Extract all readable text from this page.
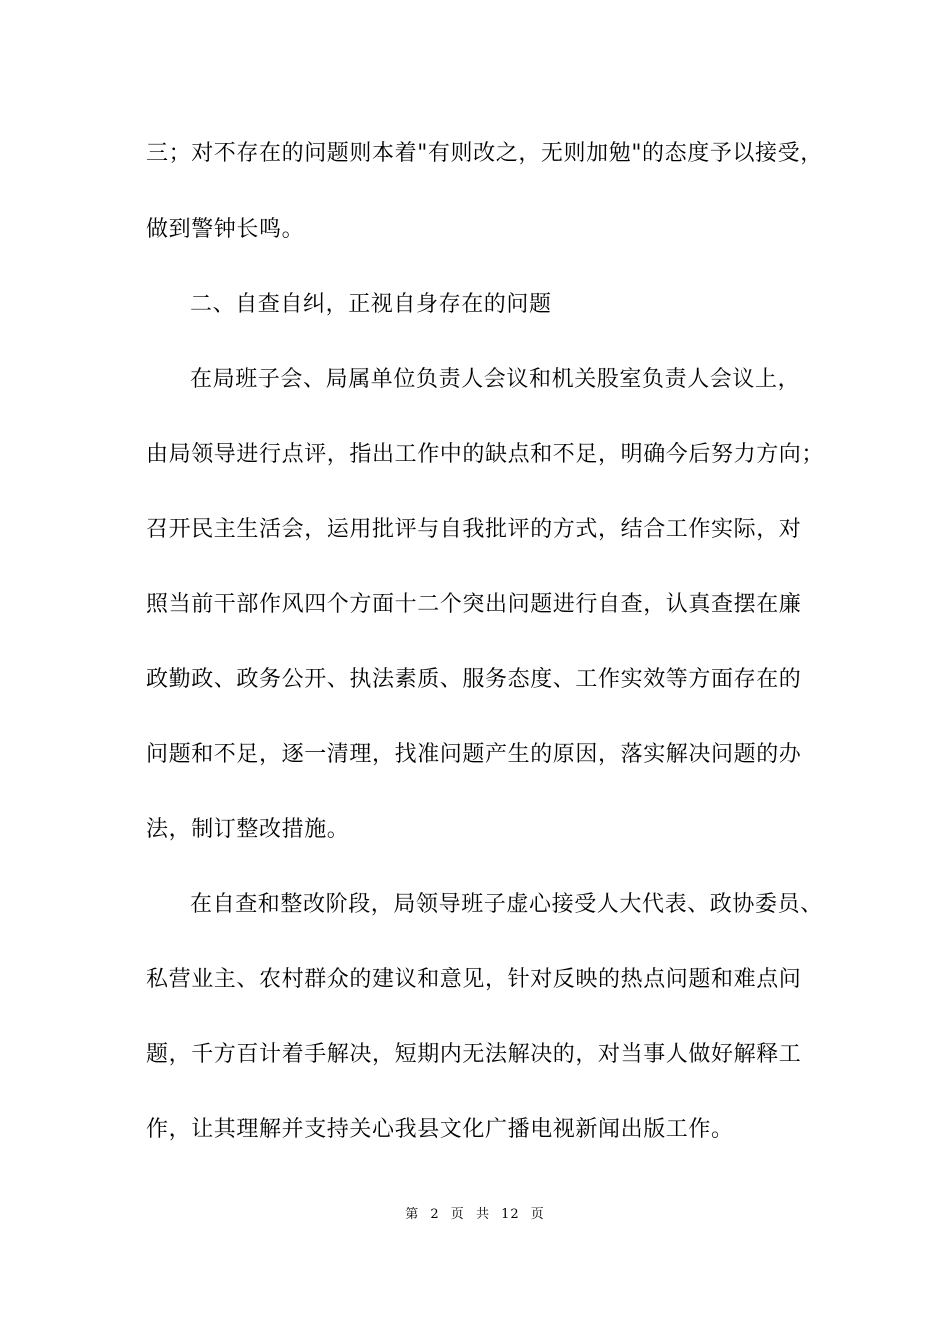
三；对不存在的问题则本着"有则改之，无则加勉"的态度予以接受，
做到警钟长鸣。
二、自查自纠，正视自身存在的问题
在局班子会、局属单位负责人会议和机关股室负责人会议上，
由局领导进行点评，指出工作中的缺点和不足，明确今后努力方向；
召开民主生活会，运用批评与自我批评的方式，结合工作实际，对
照当前干部作风四个方面十二个突出问题进行自查，认真查摆在廉
政勤政、政务公开、执法素质、服务态度、工作实效等方面存在的
问题和不足，逐一清理，找准问题产生的原因，落实解决问题的办
法，制订整改措施。
在自查和整改阶段，局领导班子虚心接受人大代表、政协委员、
私营业主、农村群众的建议和意见，针对反映的热点问题和难点问
题，千方百计着手解决，短期内无法解决的，对当事人做好解释工
作，让其理解并支持关心我县文化广播电视新闻出版工作。
第 2 页 共 12 页
